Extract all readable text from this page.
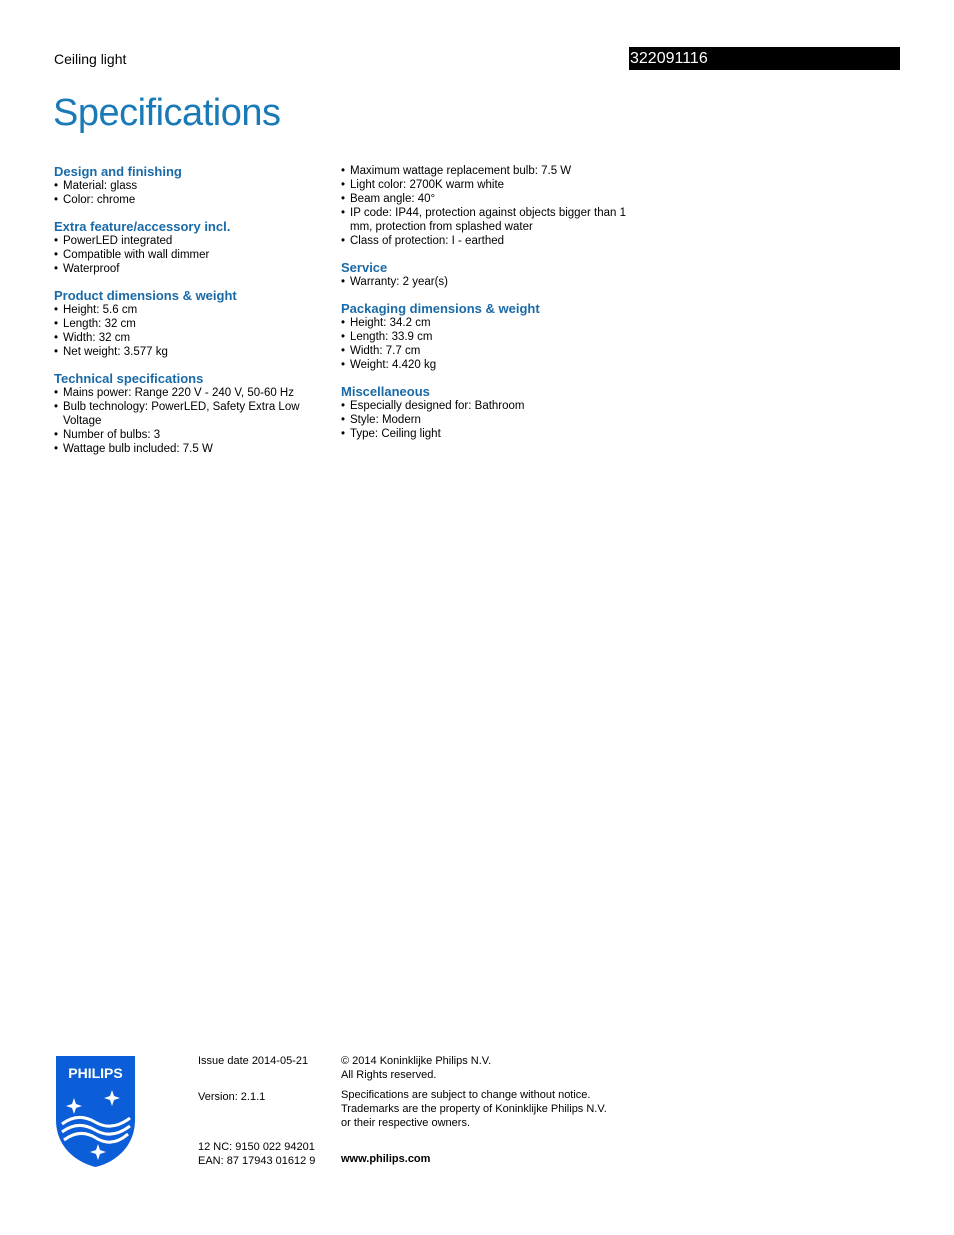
Ceiling light	322091116
Specifications
Design and finishing
• Material: glass
• Color: chrome
Extra feature/accessory incl.
• PowerLED integrated
• Compatible with wall dimmer
• Waterproof
Product dimensions & weight
• Height: 5.6 cm
• Length: 32 cm
• Width: 32 cm
• Net weight: 3.577 kg
Technical specifications
• Mains power: Range 220 V - 240 V, 50-60 Hz
• Bulb technology: PowerLED, Safety Extra Low Voltage
• Number of bulbs: 3
• Wattage bulb included: 7.5 W
• Maximum wattage replacement bulb: 7.5 W
• Light color: 2700K warm white
• Beam angle: 40°
• IP code: IP44, protection against objects bigger than 1 mm, protection from splashed water
• Class of protection: I - earthed
Service
• Warranty: 2 year(s)
Packaging dimensions & weight
• Height: 34.2 cm
• Length: 33.9 cm
• Width: 7.7 cm
• Weight: 4.420 kg
Miscellaneous
• Especially designed for: Bathroom
• Style: Modern
• Type: Ceiling light
PHILIPS
Issue date 2014-05-21
Version: 2.1.1
12 NC: 9150 022 94201
EAN: 87 17943 01612 9
© 2014 Koninklijke Philips N.V.
All Rights reserved.
Specifications are subject to change without notice.
Trademarks are the property of Koninklijke Philips N.V.
or their respective owners.
www.philips.com
